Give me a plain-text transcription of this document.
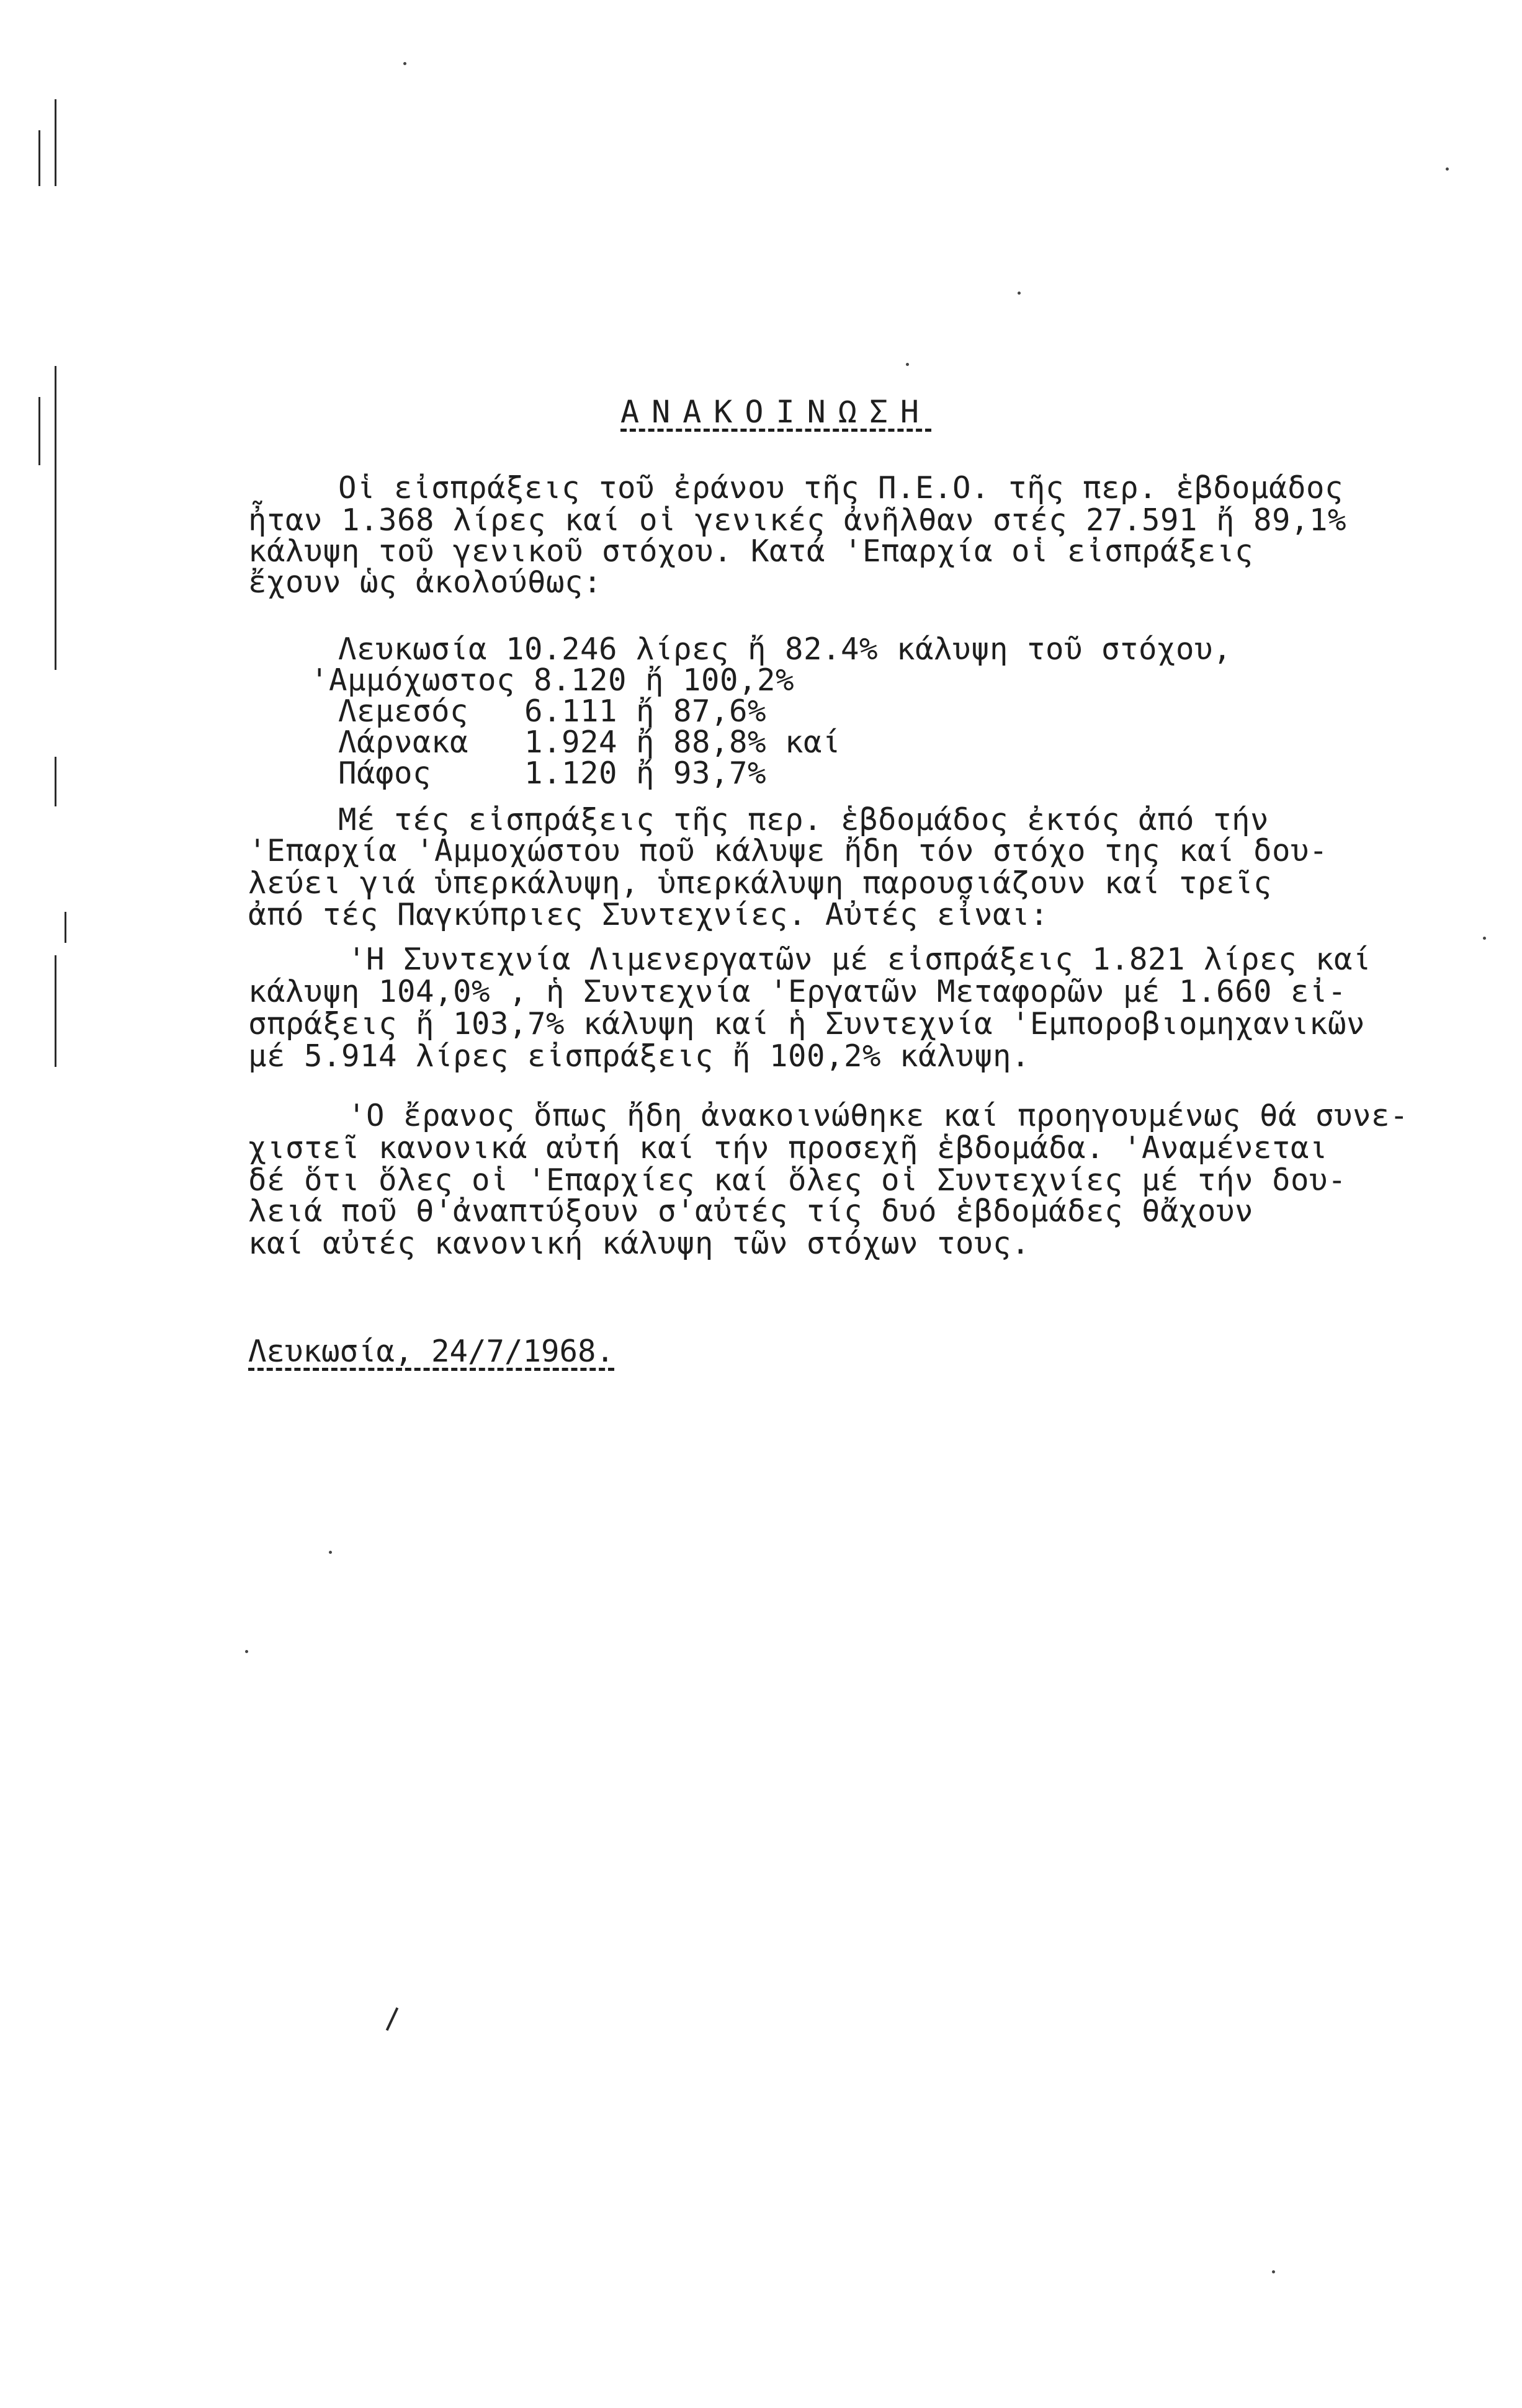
ΑΝΑΚΟΙΝΩΣΗ
Οἱ εἰσπράξεις τοῦ ἐράνου τῆς Π.Ε.Ο. τῆς περ. ἑβδομάδος
ἦταν 1.368 λίρες καί οἱ γενικές ἀνῆλθαν στές 27.591 ἤ 89,1%
κάλυψη τοῦ γενικοῦ στόχου. Κατά 'Επαρχία οἱ εἰσπράξεις
ἔχουν ὡς ἀκολούθως:
Λευκωσία 10.246 λίρες ἤ 82.4% κάλυψη τοῦ στόχου,
'Αμμόχωστος 8.120 ἤ 100,2%
Λεμεσός   6.111 ἤ 87,6%
Λάρνακα   1.924 ἤ 88,8% καί
Πάφος     1.120 ἤ 93,7%
Μέ τές εἰσπράξεις τῆς περ. ἑβδομάδος ἐκτός ἀπό τήν
'Επαρχία 'Αμμοχώστου ποῦ κάλυψε ἤδη τόν στόχο της καί δου-
λεύει γιά ὑπερκάλυψη, ὑπερκάλυψη παρουσιάζουν καί τρεῖς
ἀπό τές Παγκύπριες Συντεχνίες. Αὐτές εἶναι:
'Η Συντεχνία Λιμενεργατῶν μέ εἰσπράξεις 1.821 λίρες καί
κάλυψη 104,0% , ἡ Συντεχνία 'Εργατῶν Μεταφορῶν μέ 1.660 εἰ-
σπράξεις ἤ 103,7% κάλυψη καί ἡ Συντεχνία 'Εμποροβιομηχανικῶν
μέ 5.914 λίρες εἰσπράξεις ἤ 100,2% κάλυψη.
'Ο ἔρανος ὅπως ἤδη ἀνακοινώθηκε καί προηγουμένως θά συνε-
χιστεῖ κανονικά αὐτή καί τήν προσεχῆ ἑβδομάδα. 'Αναμένεται
δέ ὅτι ὅλες οἱ 'Επαρχίες καί ὅλες οἱ Συντεχνίες μέ τήν δου-
λειά ποῦ θ'ἀναπτύξουν σ'αὐτές τίς δυό ἑβδομάδες θἄχουν
καί αὐτές κανονική κάλυψη τῶν στόχων τους.
Λευκωσία, 24/7/1968.
